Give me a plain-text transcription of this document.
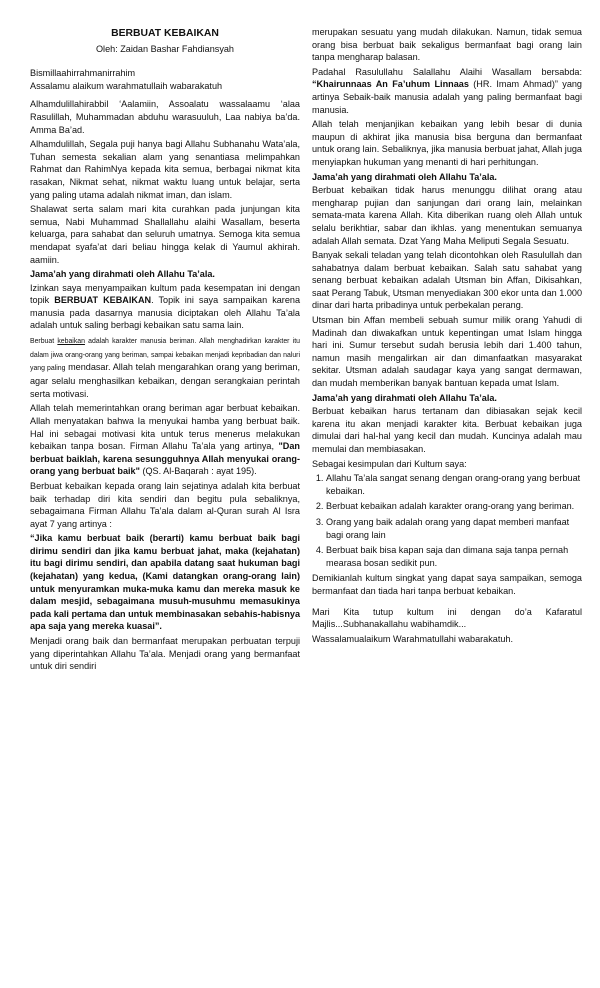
BERBUAT KEBAIKAN

Oleh: Zaidan Bashar Fahdiansyah

Bismillaahirrahmanirrahim

Assalamu alaikum warahmatullaih wabarakatuh

Alhamdulillahirabbil ‘Aalamiin, Assoalatu wassalaamu ‘alaa Rasulillah, Muhammadan abduhu warasuuluh, Laa nabiya ba’da. Amma Ba’ad.

Alhamdulillah, Segala puji hanya bagi Allahu Subhanahu Wata’ala, Tuhan semesta sekalian alam yang senantiasa melimpahkan Rahmat dan RahimNya kepada kita semua, berbagai nikmat kita rasakan, Nikmat sehat, nikmat waktu luang untuk belajar, serta yang paling utama adalah nikmat iman, dan islam.

Shalawat serta salam mari kita curahkan pada junjungan kita semua, Nabi Muhammad Shallallahu alaihi Wasallam, beserta keluarga, para sahabat dan seluruh umatnya. Semoga kita semua mendapat syafa’at dari beliau hingga kelak di Yaumul akhirah. aamiin.

Jama’ah yang dirahmati oleh Allahu Ta’ala.

Izinkan saya menyampaikan kultum pada kesempatan ini dengan topik BERBUAT KEBAIKAN. Topik ini saya sampaikan karena manusia pada dasarnya manusia diciptakan oleh Allahu Ta’ala adalah untuk saling berbagi kebaikan satu sama lain.

Berbuat kebaikan adalah karakter manusia beriman. Allah menghadirkan karakter itu dalam jiwa orang-orang yang beriman, sampai kebaikan menjadi kepribadian dan naluri yang paling mendasar. Allah telah mengarahkan orang yang beriman, agar selalu menghasilkan kebaikan, dengan serangkaian perintah serta motivasi.

Allah telah memerintahkan orang beriman agar berbuat kebaikan. Allah menyatakan bahwa Ia menyukai hamba yang berbuat baik. Hal ini sebagai motivasi kita untuk terus menerus melakukan kebaikan tanpa bosan. Firman Allahu Ta’ala yang artinya, "Dan berbuat baiklah, karena sesungguhnya Allah menyukai orang-orang yang berbuat baik" (QS. Al-Baqarah : ayat 195).

Berbuat kebaikan kepada orang lain sejatinya adalah kita berbuat baik terhadap diri kita sendiri dan begitu pula sebaliknya, sebagaimana Firman Allahu Ta’ala dalam al-Quran surah Al Isra ayat 7 yang artinya :

“Jika kamu berbuat baik (berarti) kamu berbuat baik bagi dirimu sendiri dan jika kamu berbuat jahat, maka (kejahatan) itu bagi dirimu sendiri, dan apabila datang saat hukuman bagi (kejahatan) yang kedua, (Kami datangkan orang-orang lain) untuk menyuramkan muka-muka kamu dan mereka masuk ke dalam mesjid, sebagaimana musuh-musuhmu memasukinya pada kali pertama dan untuk membinasakan sebahis-habisnya apa saja yang mereka kuasai”.

Menjadi orang baik dan bermanfaat merupakan perbuatan terpuji yang diperintahkan Allahu Ta’ala. Menjadi orang yang bermanfaat untuk diri sendiri

merupakan sesuatu yang mudah dilakukan. Namun, tidak semua orang bisa berbuat baik sekaligus bermanfaat bagi orang lain tanpa mengharap balasan.

Padahal Rasulullahu Salallahu Alaihi Wasallam bersabda: “Khairunnaas An Fa’uhum Linnaas (HR. Imam Ahmad)” yang artinya Sebaik-baik manusia adalah yang paling bermanfaat bagi manusia.

Allah telah menjanjikan kebaikan yang lebih besar di dunia maupun di akhirat jika manusia bisa berguna dan bermanfaat untuk orang lain. Sebaliknya, jika manusia berbuat jahat, Allah juga menyiapkan hukuman yang menanti di hari perhitungan.

Jama’ah yang dirahmati oleh Allahu Ta’ala.

Berbuat kebaikan tidak harus menunggu dilihat orang atau mengharap pujian dan sanjungan dari orang lain, melainkan semata-mata karena Allah. Kita diberikan ruang oleh Allah untuk selalu berikhtiar, sabar dan ikhlas. yang menentukan semuanya adalah Allah semata. Dzat Yang Maha Meliputi Segala Sesuatu.

Banyak sekali teladan yang telah dicontohkan oleh Rasulullah dan sahabatnya dalam berbuat kebaikan. Salah satu sahabat yang senang berbuat kebaikan adalah Utsman bin Affan, Dikisahkan, saat Perang Tabuk, Utsman menyediakan 300 ekor unta dan 1.000 dinar dari harta pribadinya untuk perbekalan perang.

Utsman bin Affan membeli sebuah sumur milik orang Yahudi di Madinah dan diwakafkan untuk kepentingan umat Islam hingga hari ini. Sumur tersebut sudah berusia lebih dari 1.400 tahun, namun masih mengalirkan air dan dimanfaatkan masyarakat sekitar. Utsman adalah saudagar kaya yang sangat dermawan, dan mudah memberikan banyak bantuan kepada umat Islam.

Jama’ah yang dirahmati oleh Allahu Ta’ala.

Berbuat kebaikan harus tertanam dan dibiasakan sejak kecil karena itu akan menjadi karakter kita. Berbuat kebaikan juga dimulai dari hal-hal yang kecil dan mudah. Kuncinya adalah mau memulai dan membiasakan.

Sebagai kesimpulan dari Kultum saya:

1. Allahu Ta’ala sangat senang dengan orang-orang yang berbuat kebaikan.
2. Berbuat kebaikan adalah karakter orang-orang yang beriman.
3. Orang yang baik adalah orang yang dapat memberi manfaat bagi orang lain
4. Berbuat baik bisa kapan saja dan dimana saja tanpa pernah mearasa bosan sedikit pun.

Demikianlah kultum singkat yang dapat saya sampaikan, semoga bermanfaat dan tiada hari tanpa berbuat kebaikan.

Mari Kita tutup kultum ini dengan do’a Kafaratul Majlis...Subhanakallahu wabihamdik...

Wassalamualaikum Warahmatullahi wabarakatuh.
